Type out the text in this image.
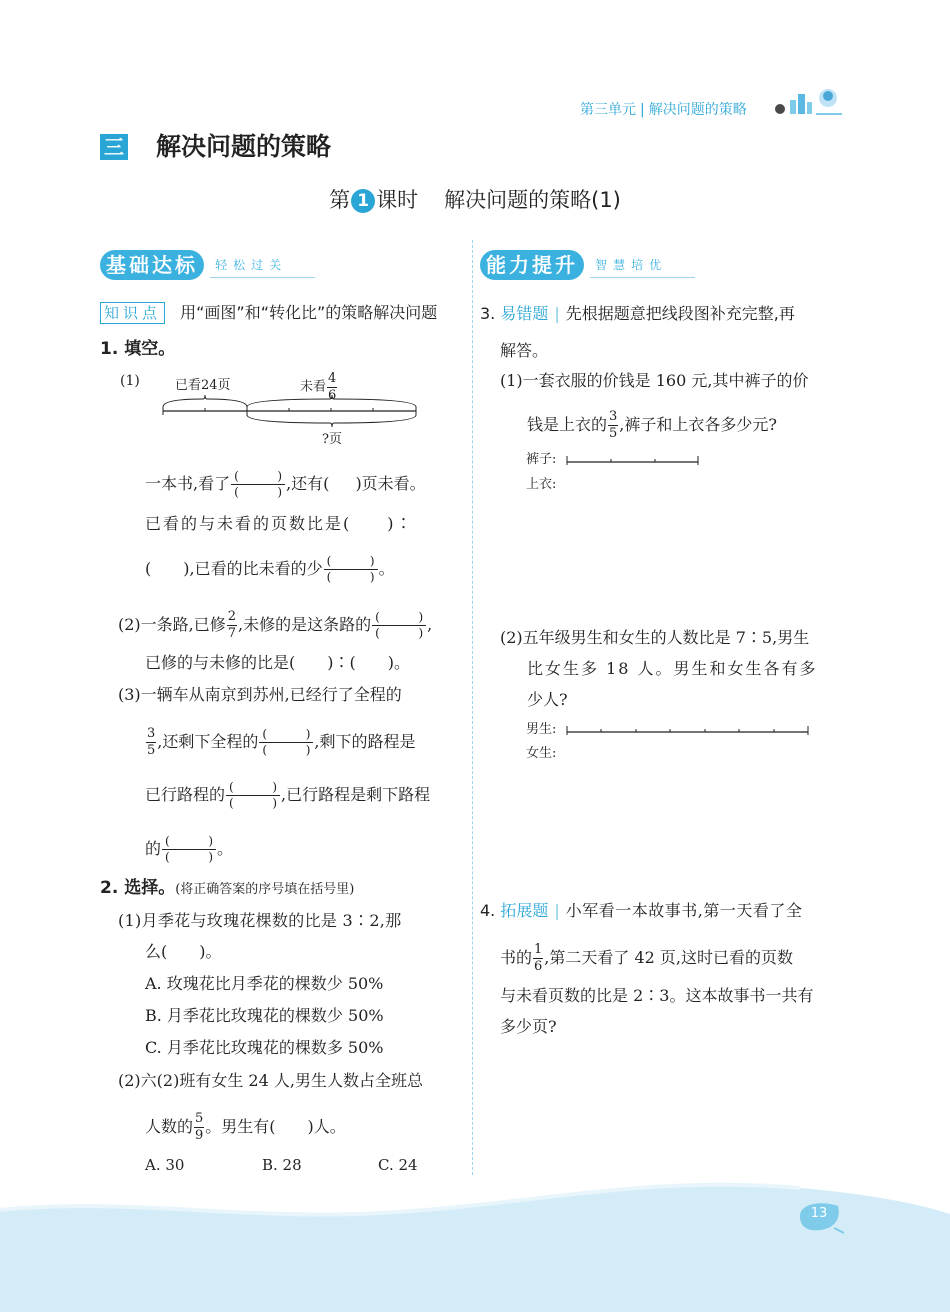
13
第三单元 | 解决问题的策略
三 解决问题的策略
第 1 课时 解决问题的策略(1)
基础达标 $_{轻松过关}$	能力提升 $_{智慧培优}$
知识点 用“画图”和“转化比”的策略解决问题
1. 填空。
(1)	已看24页	未看 $\frac{4}{6}$
?页
一本书,看了 (	)
(	) ,还有( )页未看。
已看的与未看的页数比是(　　)∶
(　　),已看的比未看的少 (	)
(	) 。
(2)一条路,已修 $\frac{2}{7}$ ,未修的是这条路的 (	)
(	) ,
已修的与未修的比是(　　)∶(　　)。
(3)一辆车从南京到苏州,已经行了全程的
$\frac{3}{5}$ ,还剩下全程的 (	)
(	) ,剩下的路程是
已行路程的 (	)
(	) ,已行路程是剩下路程
的 (	)
(	) 。
2. 选择。(将正确答案的序号填在括号里)
(1)月季花与玫瑰花棵数的比是 3∶2,那
么(　　)。
A. 玫瑰花比月季花的棵数少 50%
B. 月季花比玫瑰花的棵数少 50%
C. 月季花比玫瑰花的棵数多 50%
(2)六(2)班有女生 24 人,男生人数占全班总
人数的 $\frac{5}{9}$ 。男生有(　　)人。
A. 30	B. 28	C. 24
3. 易错题 | 先根据题意把线段图补充完整,再
解答。
(1)一套衣服的价钱是 160 元,其中裤子的价
钱是上衣的 $\frac{3}{5}$ ,裤子和上衣各多少元?
裤子:
上衣:
(2)五年级男生和女生的人数比是 7∶5,男生
比女生多 18 人。男生和女生各有多
少人?
男生:
女生:
4. 拓展题 | 小军看一本故事书,第一天看了全
书的 $\frac{1}{6}$ ,第二天看了 42 页,这时已看的页数
与未看页数的比是 2∶3。这本故事书一共有
多少页?
